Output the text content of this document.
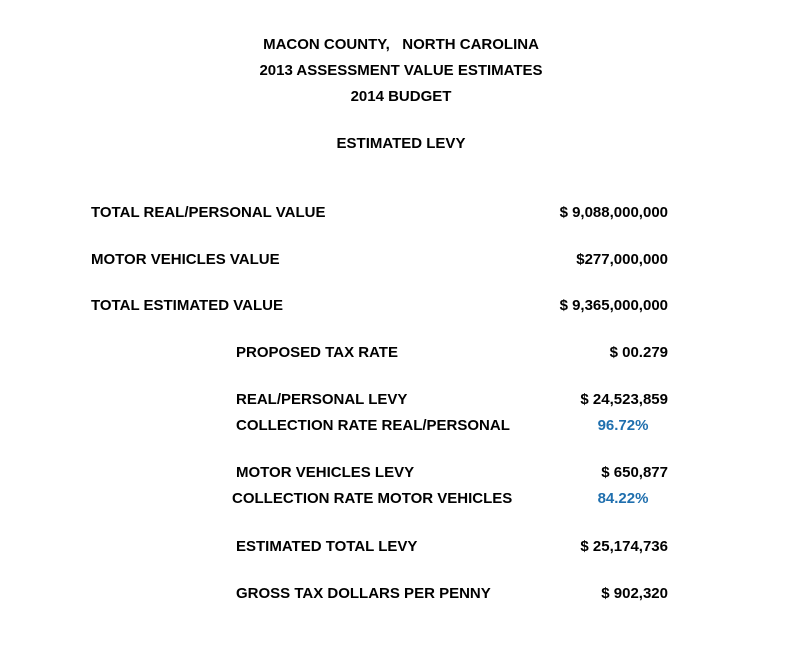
MACON COUNTY,   NORTH CAROLINA
2013 ASSESSMENT VALUE ESTIMATES
2014 BUDGET
ESTIMATED LEVY
TOTAL REAL/PERSONAL VALUE	$ 9,088,000,000
MOTOR VEHICLES VALUE	$277,000,000
TOTAL ESTIMATED VALUE	$ 9,365,000,000
PROPOSED TAX RATE	$ 00.279
REAL/PERSONAL LEVY	$ 24,523,859
COLLECTION RATE REAL/PERSONAL	96.72%
MOTOR VEHICLES LEVY	$ 650,877
COLLECTION RATE MOTOR VEHICLES	84.22%
ESTIMATED TOTAL LEVY	$ 25,174,736
GROSS TAX DOLLARS PER PENNY	$ 902,320
